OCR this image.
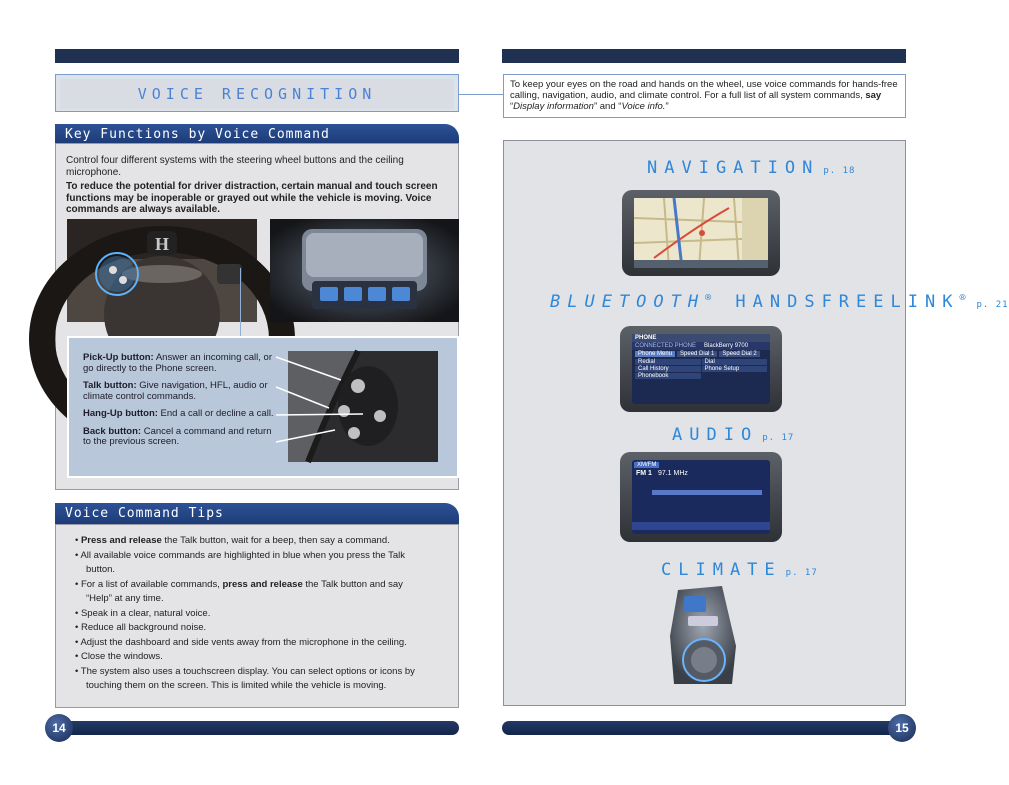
VOICE RECOGNITION
To keep your eyes on the road and hands on the wheel, use voice commands for hands-free calling, navigation, audio, and climate control. For a full list of all system commands, say “Display information” and “Voice info.”
Key Functions by Voice Command
Control four different systems with the steering wheel buttons and the ceiling microphone.
To reduce the potential for driver distraction, certain manual and touch screen functions may be inoperable or grayed out while the vehicle is moving. Voice commands are always available.
H

Pick-Up button: Answer an incoming call, or go directly to the Phone screen.

Talk button: Give navigation, HFL, audio or climate control commands.

Hang-Up button: End a call or decline a call.

Back button: Cancel a command and return to the previous screen.

Voice Command Tips

• Press and release the Talk button, wait for a beep, then say a command.

• All available voice commands are highlighted in blue when you press the Talk
button.

• For a list of available commands, press and release the Talk button and say
“Help” at any time.

• Speak in a clear, natural voice.

• Reduce all background noise.

• Adjust the dashboard and side vents away from the microphone in the ceiling.

• Close the windows.

• The system also uses a touchscreen display. You can select options or icons by
touching them on the screen. This is limited while the vehicle is moving.

NAVIGATION p. 18
BLUETOOTH® HANDSFREELINK®p. 21
PHONE
CONNECTED PHONE BlackBerry 9700
Phone Menu	Speed Dial 1	Speed Dial 2
Redial	Dial
Call History	Phone Setup
Phonebook
AUDIO p. 17
XM/FM
FM 1 97.1 MHz
CLIMATE p. 17
14	15
